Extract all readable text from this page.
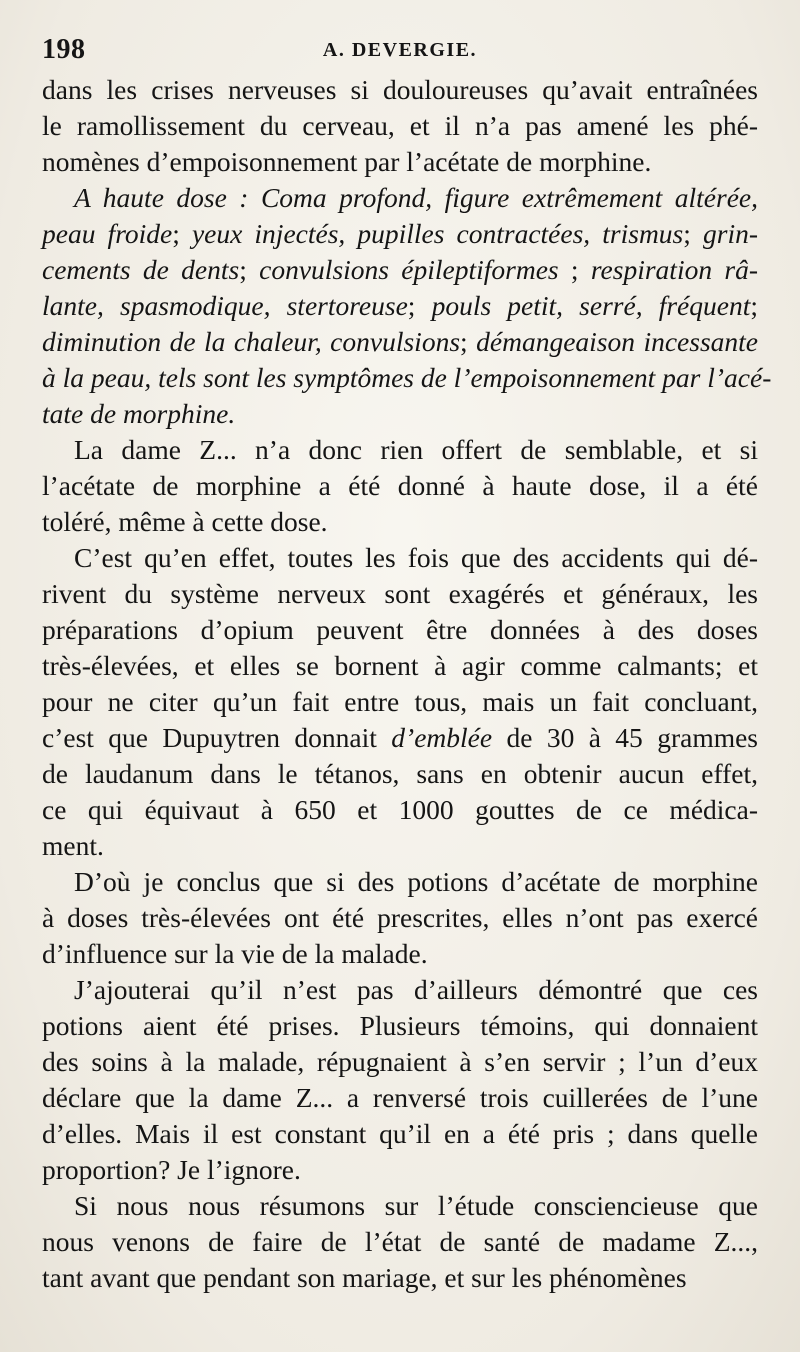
198	A. DEVERGIE.
dans les crises nerveuses si douloureuses qu’avait entraînées
le ramollissement du cerveau, et il n’a pas amené les phé-
nomènes d’empoisonnement par l’acétate de morphine.
A haute dose : Coma profond, figure extrêmement altérée,
peau froide; yeux injectés, pupilles contractées, trismus; grin-
cements de dents; convulsions épileptiformes ; respiration râ-
lante, spasmodique, stertoreuse; pouls petit, serré, fréquent;
diminution de la chaleur, convulsions; démangeaison incessante
à la peau, tels sont les symptômes de l’empoisonnement par l’acé-
tate de morphine.
La dame Z... n’a donc rien offert de semblable, et si
l’acétate de morphine a été donné à haute dose, il a été
toléré, même à cette dose.
C’est qu’en effet, toutes les fois que des accidents qui dé-
rivent du système nerveux sont exagérés et généraux, les
préparations d’opium peuvent être données à des doses
très-élevées, et elles se bornent à agir comme calmants; et
pour ne citer qu’un fait entre tous, mais un fait concluant,
c’est que Dupuytren donnait d’emblée de 30 à 45 grammes
de laudanum dans le tétanos, sans en obtenir aucun effet,
ce qui équivaut à 650 et 1000 gouttes de ce médica-
ment.
D’où je conclus que si des potions d’acétate de morphine
à doses très-élevées ont été prescrites, elles n’ont pas exercé
d’influence sur la vie de la malade.
J’ajouterai qu’il n’est pas d’ailleurs démontré que ces
potions aient été prises. Plusieurs témoins, qui donnaient
des soins à la malade, répugnaient à s’en servir ; l’un d’eux
déclare que la dame Z... a renversé trois cuillerées de l’une
d’elles. Mais il est constant qu’il en a été pris ; dans quelle
proportion? Je l’ignore.
Si nous nous résumons sur l’étude consciencieuse que
nous venons de faire de l’état de santé de madame Z...,
tant avant que pendant son mariage, et sur les phénomènes
